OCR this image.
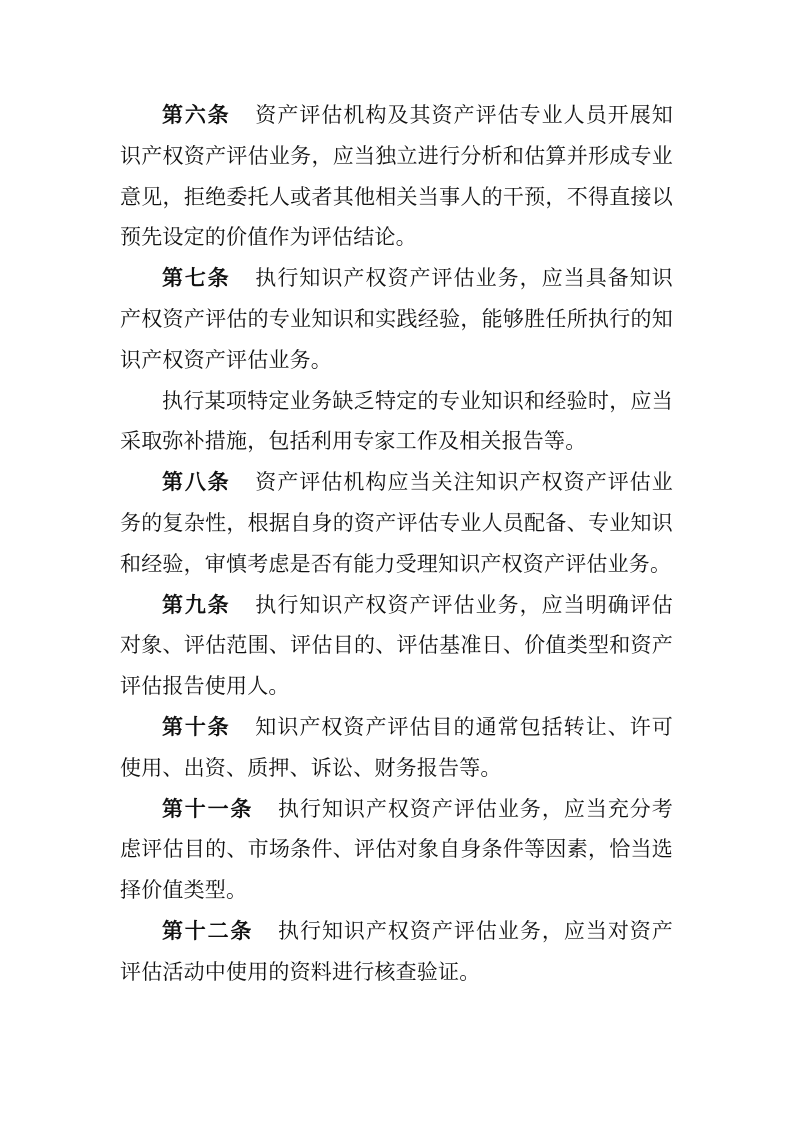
第六条 资产评估机构及其资产评估专业人员开展知识产权资产评估业务，应当独立进行分析和估算并形成专业意见，拒绝委托人或者其他相关当事人的干预，不得直接以预先设定的价值作为评估结论。

第七条 执行知识产权资产评估业务，应当具备知识产权资产评估的专业知识和实践经验，能够胜任所执行的知识产权资产评估业务。

执行某项特定业务缺乏特定的专业知识和经验时，应当采取弥补措施，包括利用专家工作及相关报告等。

第八条 资产评估机构应当关注知识产权资产评估业务的复杂性，根据自身的资产评估专业人员配备、专业知识和经验，审慎考虑是否有能力受理知识产权资产评估业务。

第九条 执行知识产权资产评估业务，应当明确评估对象、评估范围、评估目的、评估基准日、价值类型和资产评估报告使用人。

第十条 知识产权资产评估目的通常包括转让、许可使用、出资、质押、诉讼、财务报告等。

第十一条 执行知识产权资产评估业务，应当充分考虑评估目的、市场条件、评估对象自身条件等因素，恰当选择价值类型。

第十二条 执行知识产权资产评估业务，应当对资产评估活动中使用的资料进行核查验证。
